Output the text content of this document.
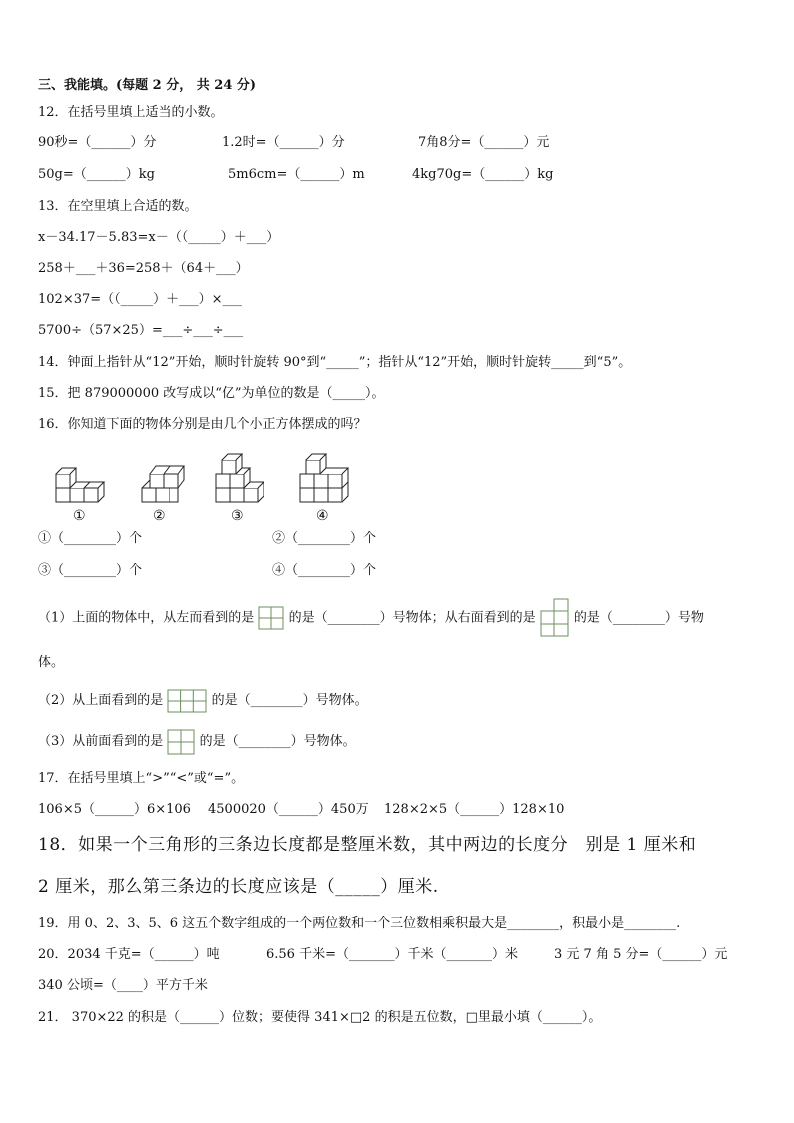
三、我能填。(每题 2 分， 共 24 分)
12．在括号里填上适当的小数。
90秒=（______）分	1.2时=（______）分	7角8分=（______）元
50g=（______）kg	5m6cm=（______）m	4kg70g=（______）kg
13．在空里填上合适的数。
x－34.17－5.83=x－（（_____）＋___）
258＋___＋36=258＋（64＋___）
102×37=（（_____）＋___）×___
5700÷（57×25）=___÷___÷___
14．钟面上指针从“12”开始，顺时针旋转 90°到“_____”；指针从“12”开始，顺时针旋转_____到“5”。
15．把 879000000 改写成以“亿”为单位的数是（_____）。
16．你知道下面的物体分别是由几个小正方体摆成的吗？
①	②	③	④
①（________）个	②（________）个
③（________）个	④（________）个
（1）上面的物体中，从左而看到的是	的是（________）号物体；从右面看到的是	的是（________）号物
体。
（2）从上面看到的是	的是（________）号物体。
（3）从前面看到的是	的是（________）号物体。
17．在括号里填上“>”“<”或“=”。
106×5（______）6×106 4500020（______）450万 128×2×5（______）128×10
18．如果一个三角形的三条边长度都是整厘米数，其中两边的长度分　别是 1 厘米和
2 厘米，那么第三条边的长度应该是（_____）厘米.
19．用 0、2、3、5、6 这五个数字组成的一个两位数和一个三位数相乘积最大是________，积最小是________.
20．2034 千克=（______）吨	6.56 千米=（_______）千米（_______）米	3 元 7 角 5 分=（______）元
340 公顷=（____）平方千米
21． 370×22 的积是（______）位数；要使得 341×□2 的积是五位数，□里最小填（______）。
